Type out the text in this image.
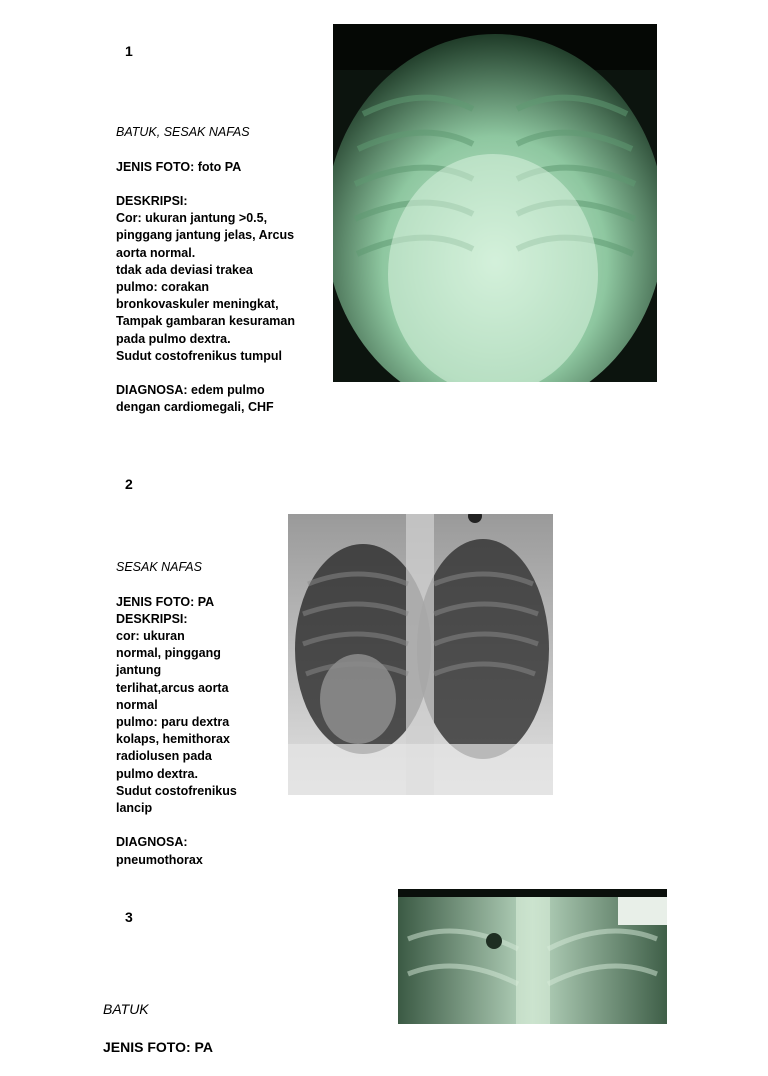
1

BATUK, SESAK NAFAS

JENIS FOTO: foto PA

DESKRIPSI:
Cor: ukuran jantung >0.5,
pinggang jantung jelas, Arcus
aorta normal.
tdak ada deviasi trakea
pulmo: corakan
bronkovaskuler meningkat,
Tampak gambaran kesuraman
pada pulmo dextra.
Sudut costofrenikus tumpul

DIAGNOSA: edem pulmo
dengan cardiomegali, CHF

2

SESAK NAFAS

JENIS FOTO: PA
DESKRIPSI:
cor: ukuran
normal, pinggang
jantung
terlihat,arcus aorta
normal
pulmo: paru dextra
kolaps, hemithorax
radiolusen pada
pulmo dextra.
Sudut costofrenikus
lancip

DIAGNOSA:
pneumothorax

3

BATUK

JENIS FOTO: PA
